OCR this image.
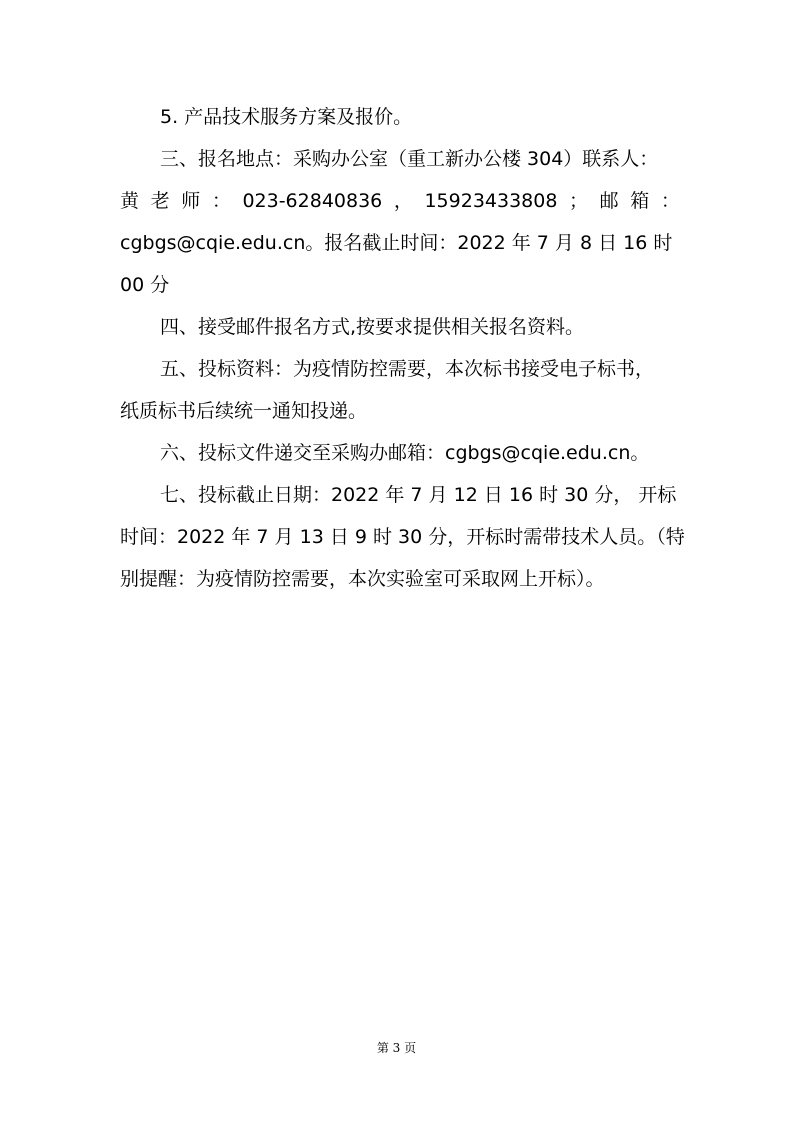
5. 产品技术服务方案及报价。
三、报名地点：采购办公室（重工新办公楼 304）联系人：
黄 老 师 ： 023-62840836 ， 15923433808 ； 邮 箱 ：
cgbgs@cqie.edu.cn。报名截止时间：2022 年 7 月 8 日 16 时
00 分
四、接受邮件报名方式,按要求提供相关报名资料。
五、投标资料：为疫情防控需要，本次标书接受电子标书，
纸质标书后续统一通知投递。
六、投标文件递交至采购办邮箱：cgbgs@cqie.edu.cn。
七、投标截止日期：2022 年 7 月 12 日 16 时 30 分， 开标
时间：2022 年 7 月 13 日 9 时 30 分，开标时需带技术人员。（特
别提醒：为疫情防控需要，本次实验室可采取网上开标）。
第 3 页
